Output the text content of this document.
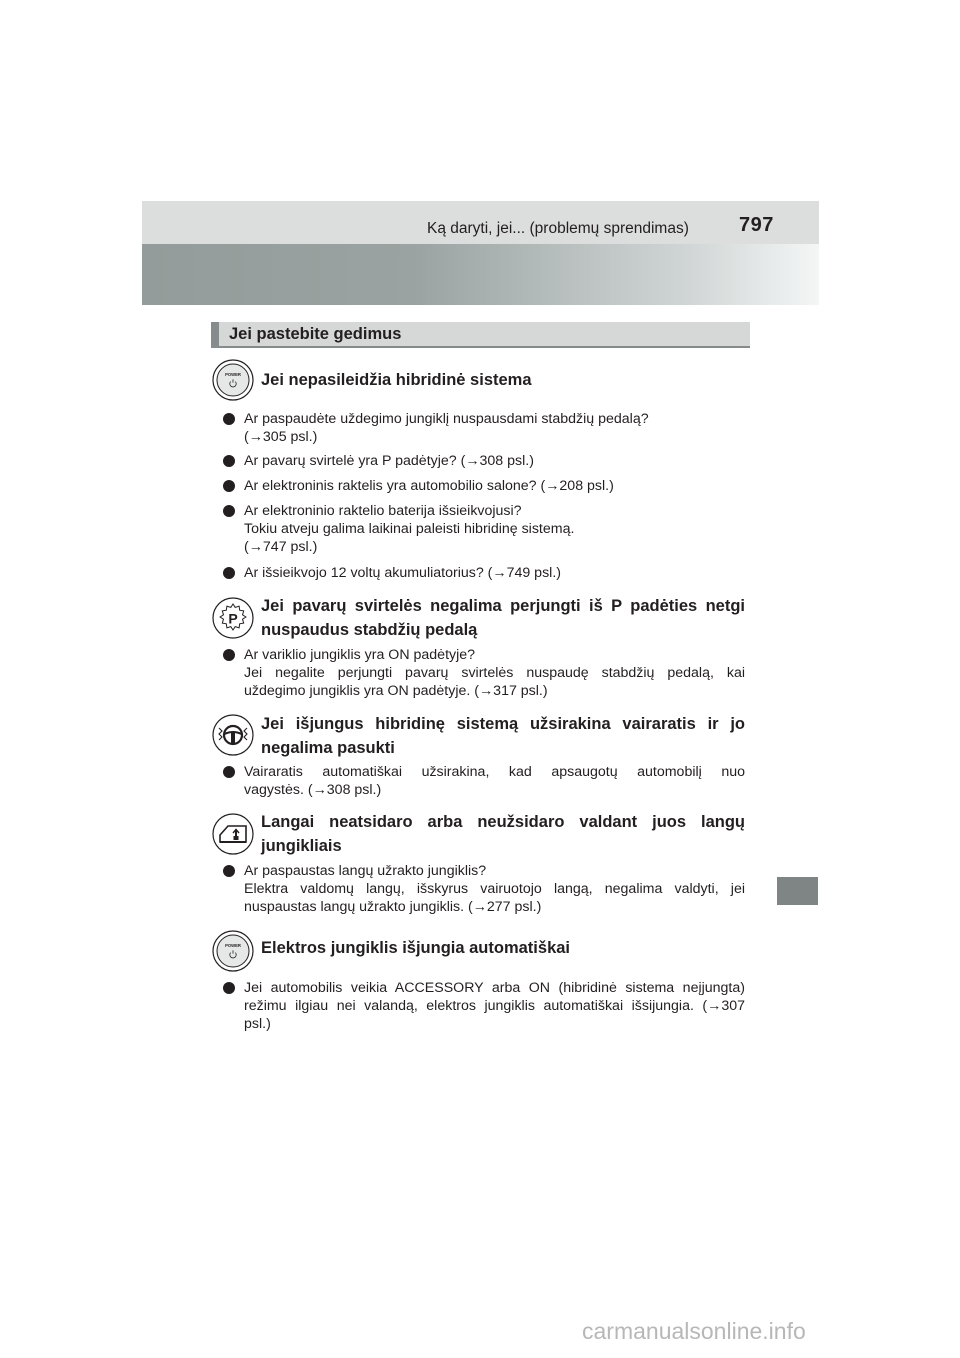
Ką daryti, jei... (problemų sprendimas)	797
Jei pastebite gedimus
POWER Jei nepasileidžia hibridinė sistema
Ar paspaudėte uždegimo jungiklį nuspausdami stabdžių pedalą?
(→305 psl.)
Ar pavarų svirtelė yra P padėtyje? (→308 psl.)
Ar elektroninis raktelis yra automobilio salone? (→208 psl.)
Ar elektroninio raktelio baterija išsieikvojusi?
Tokiu atveju galima laikinai paleisti hibridinę sistemą.
(→747 psl.)
Ar išsieikvojo 12 voltų akumuliatorius? (→749 psl.)
P
Jei pavarų svirtelės negalima perjungti iš P padėties netgi nuspaudus stabdžių pedalą
Ar variklio jungiklis yra ON padėtyje?
Jei negalite perjungti pavarų svirtelės nuspaudę stabdžių pedalą, kai
uždegimo jungiklis yra ON padėtyje. (→317 psl.)
Jei išjungus hibridinę sistemą užsirakina vairaratis ir jo negalima pasukti
Vairaratis automatiškai užsirakina, kad apsaugotų automobilį nuo
vagystės. (→308 psl.)
Langai neatsidaro arba neužsidaro valdant juos langų jungikliais
Ar paspaustas langų užrakto jungiklis?
Elektra valdomų langų, išskyrus vairuotojo langą, negalima valdyti, jei
nuspaustas langų užrakto jungiklis. (→277 psl.)
POWER Elektros jungiklis išjungia automatiškai
Jei automobilis veikia ACCESSORY arba ON (hibridinė sistema neįjungta)
režimu ilgiau nei valandą, elektros jungiklis automatiškai išsijungia. (→307
psl.)
carmanualsonline.info
